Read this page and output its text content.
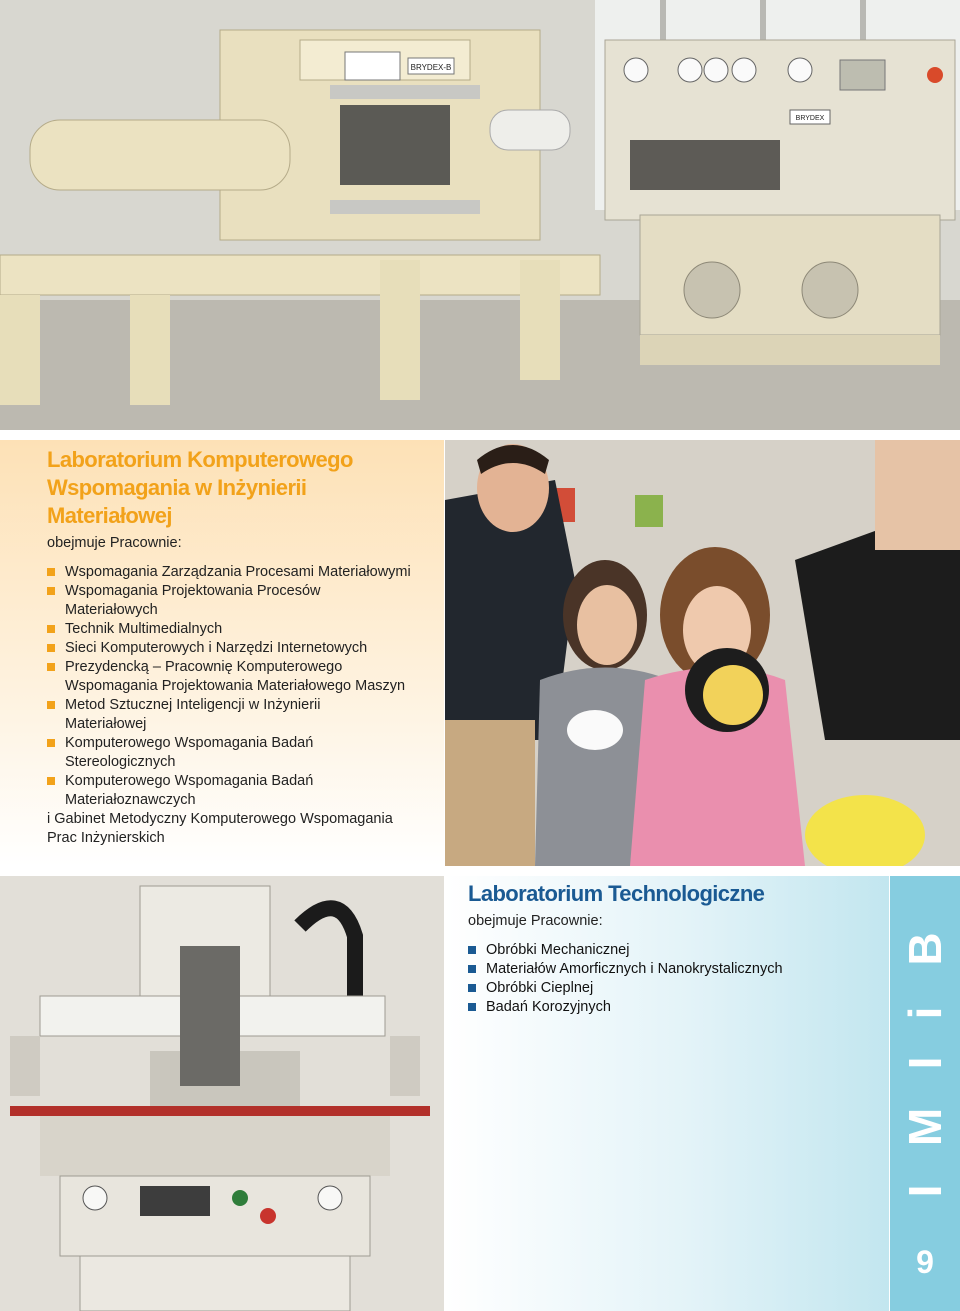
BRYDEX-B
BRYDEX
Laboratorium Komputerowego
Wspomagania w Inżynierii
Materiałowej

obejmuje Pracownie:

Wspomagania Zarządzania Procesami Materiałowymi
Wspomagania Projektowania Procesów
Materiałowych
Technik Multimedialnych
Sieci Komputerowych i Narzędzi Internetowych
Prezydencką – Pracownię Komputerowego
Wspomagania Projektowania Materiałowego Maszyn
Metod Sztucznej Inteligencji w Inżynierii
Materiałowej
Komputerowego Wspomagania Badań
Stereologicznych
Komputerowego Wspomagania Badań
Materiałoznawczych

i Gabinet Metodyczny Komputerowego Wspomagania
Prac Inżynierskich

Laboratorium Technologiczne

obejmuje Pracownie:

Obróbki Mechanicznej
Materiałów Amorficznych i Nanokrystalicznych
Obróbki Cieplnej
Badań Korozyjnych
I
M
I
i
B
9
